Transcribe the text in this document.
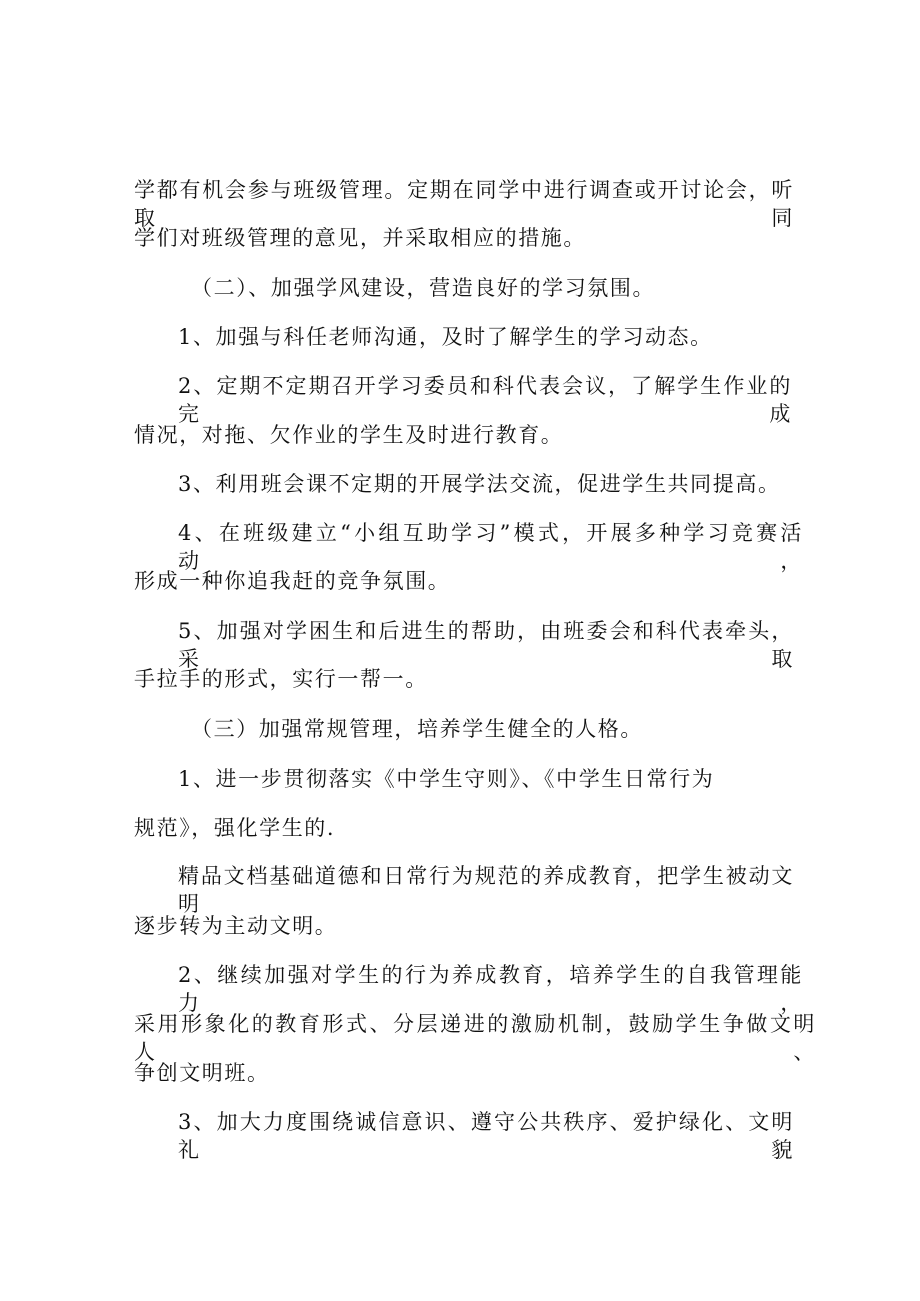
学都有机会参与班级管理。定期在同学中进行调查或开讨论会，听取同
学们对班级管理的意见，并采取相应的措施。
（二）、加强学风建设，营造良好的学习氛围。
1、加强与科任老师沟通，及时了解学生的学习动态。
2、定期不定期召开学习委员和科代表会议，了解学生作业的完成
情况，对拖、欠作业的学生及时进行教育。
3、利用班会课不定期的开展学法交流，促进学生共同提高。
4、在班级建立“小组互助学习”模式，开展多种学习竞赛活动，
形成一种你追我赶的竞争氛围。
5、加强对学困生和后进生的帮助，由班委会和科代表牵头，采取
手拉手的形式，实行一帮一。
（三）加强常规管理，培养学生健全的人格。
1、进一步贯彻落实《中学生守则》、《中学生日常行为
规范》，强化学生的.
精品文档基础道德和日常行为规范的养成教育，把学生被动文明
逐步转为主动文明。
2、继续加强对学生的行为养成教育，培养学生的自我管理能力，
采用形象化的教育形式、分层递进的激励机制，鼓励学生争做文明人、
争创文明班。
3、加大力度围绕诚信意识、遵守公共秩序、爱护绿化、文明礼貌
